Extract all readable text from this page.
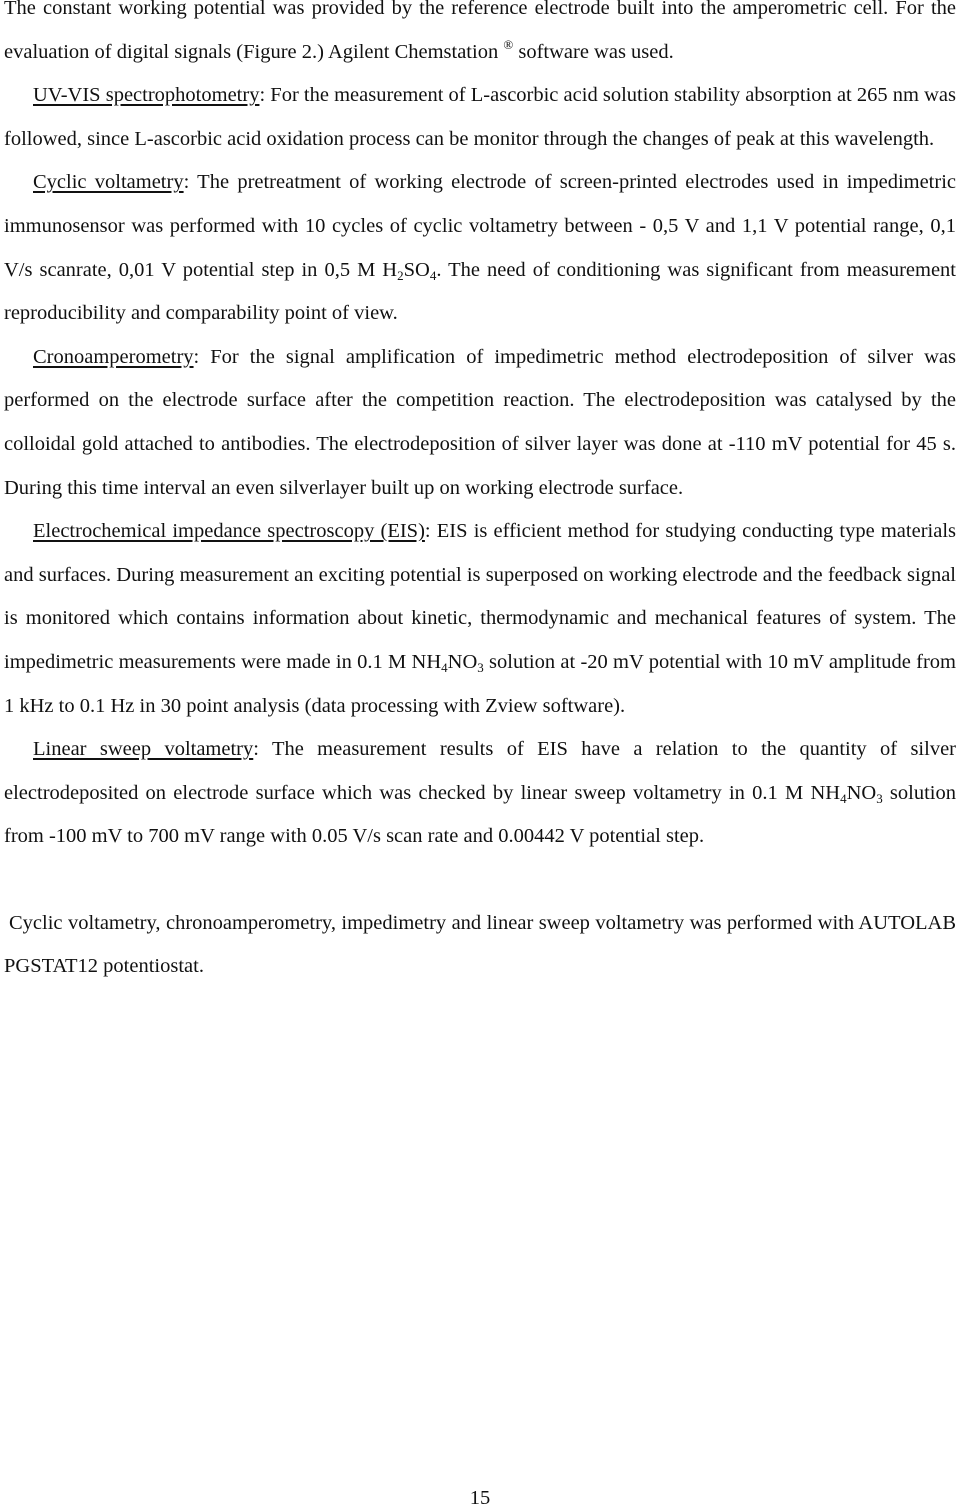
The constant working potential was provided by the reference electrode built into the amperometric cell. For the evaluation of digital signals (Figure 2.) Agilent Chemstation ® software was used.

UV-VIS spectrophotometry: For the measurement of L-ascorbic acid solution stability absorption at 265 nm was followed, since L-ascorbic acid oxidation process can be monitor through the changes of peak at this wavelength.

Cyclic voltametry: The pretreatment of working electrode of screen-printed electrodes used in impedimetric immunosensor was performed with 10 cycles of cyclic voltametry between - 0,5 V and 1,1 V potential range, 0,1 V/s scanrate, 0,01 V potential step in 0,5 M $H_2SO_4$. The need of conditioning was significant from measurement reproducibility and comparability point of view.

Cronoamperometry: For the signal amplification of impedimetric method electrodeposition of silver was performed on the electrode surface after the competition reaction. The electrodeposition was catalysed by the colloidal gold attached to antibodies. The electrodeposition of silver layer was done at -110 mV potential for 45 s. During this time interval an even silverlayer built up on working electrode surface.

Electrochemical impedance spectroscopy (EIS): EIS is efficient method for studying conducting type materials and surfaces. During measurement an exciting potential is superposed on working electrode and the feedback signal is monitored which contains information about kinetic, thermodynamic and mechanical features of system. The impedimetric measurements were made in 0.1 M $NH_4NO_3$ solution at -20 mV potential with 10 mV amplitude from 1 kHz to 0.1 Hz in 30 point analysis (data processing with Zview software).

Linear sweep voltametry: The measurement results of EIS have a relation to the quantity of silver electrodeposited on electrode surface which was checked by linear sweep voltametry in 0.1 M $NH_4NO_3$ solution from -100 mV to 700 mV range with 0.05 V/s scan rate and 0.00442 V potential step.

Cyclic voltametry, chronoamperometry, impedimetry and linear sweep voltametry was performed with AUTOLAB PGSTAT12 potentiostat.

15
